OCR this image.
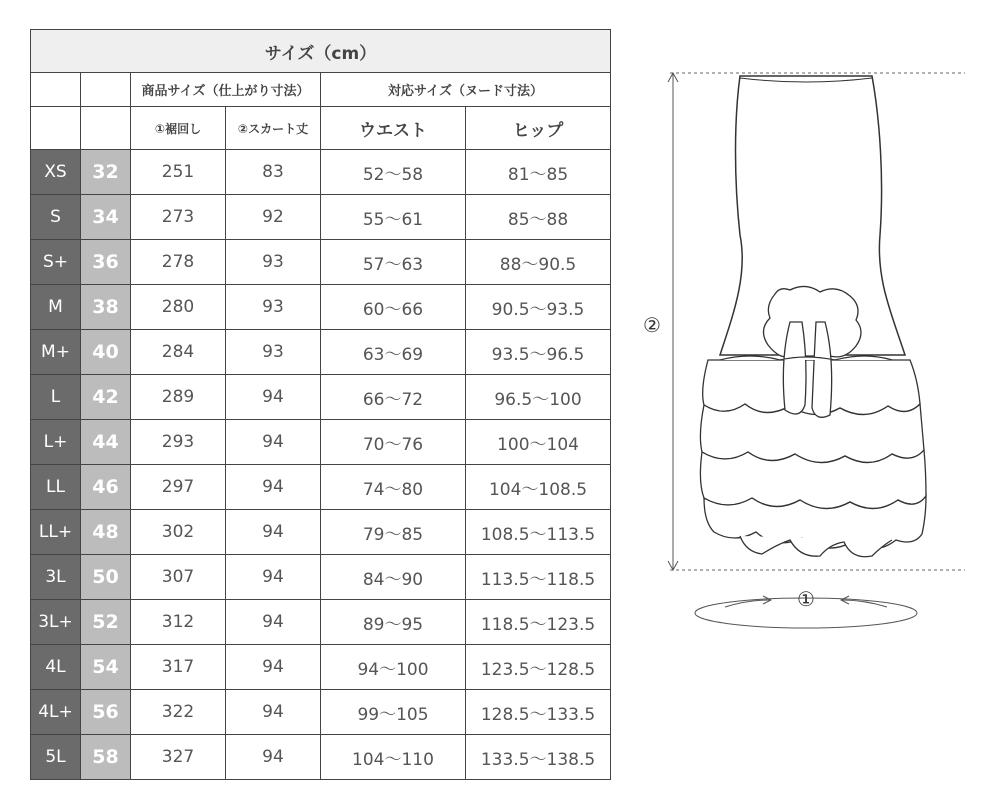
サイズ（cm）					
		商品サイズ（仕上がり寸法）		対応サイズ（ヌード寸法）	
		①裾回し	②スカート丈	ウエスト	ヒップ
XS	32	251	83	52〜58	81〜85
S	34	273	92	55〜61	85〜88
S+	36	278	93	57〜63	88〜90.5
M	38	280	93	60〜66	90.5〜93.5
M+	40	284	93	63〜69	93.5〜96.5
L	42	289	94	66〜72	96.5〜100
L+	44	293	94	70〜76	100〜104
LL	46	297	94	74〜80	104〜108.5
LL+	48	302	94	79〜85	108.5〜113.5
3L	50	307	94	84〜90	113.5〜118.5
3L+	52	312	94	89〜95	118.5〜123.5
4L	54	317	94	94〜100	123.5〜128.5
4L+	56	322	94	99〜105	128.5〜133.5
5L	58	327	94	104〜110	133.5〜138.5
②
①
